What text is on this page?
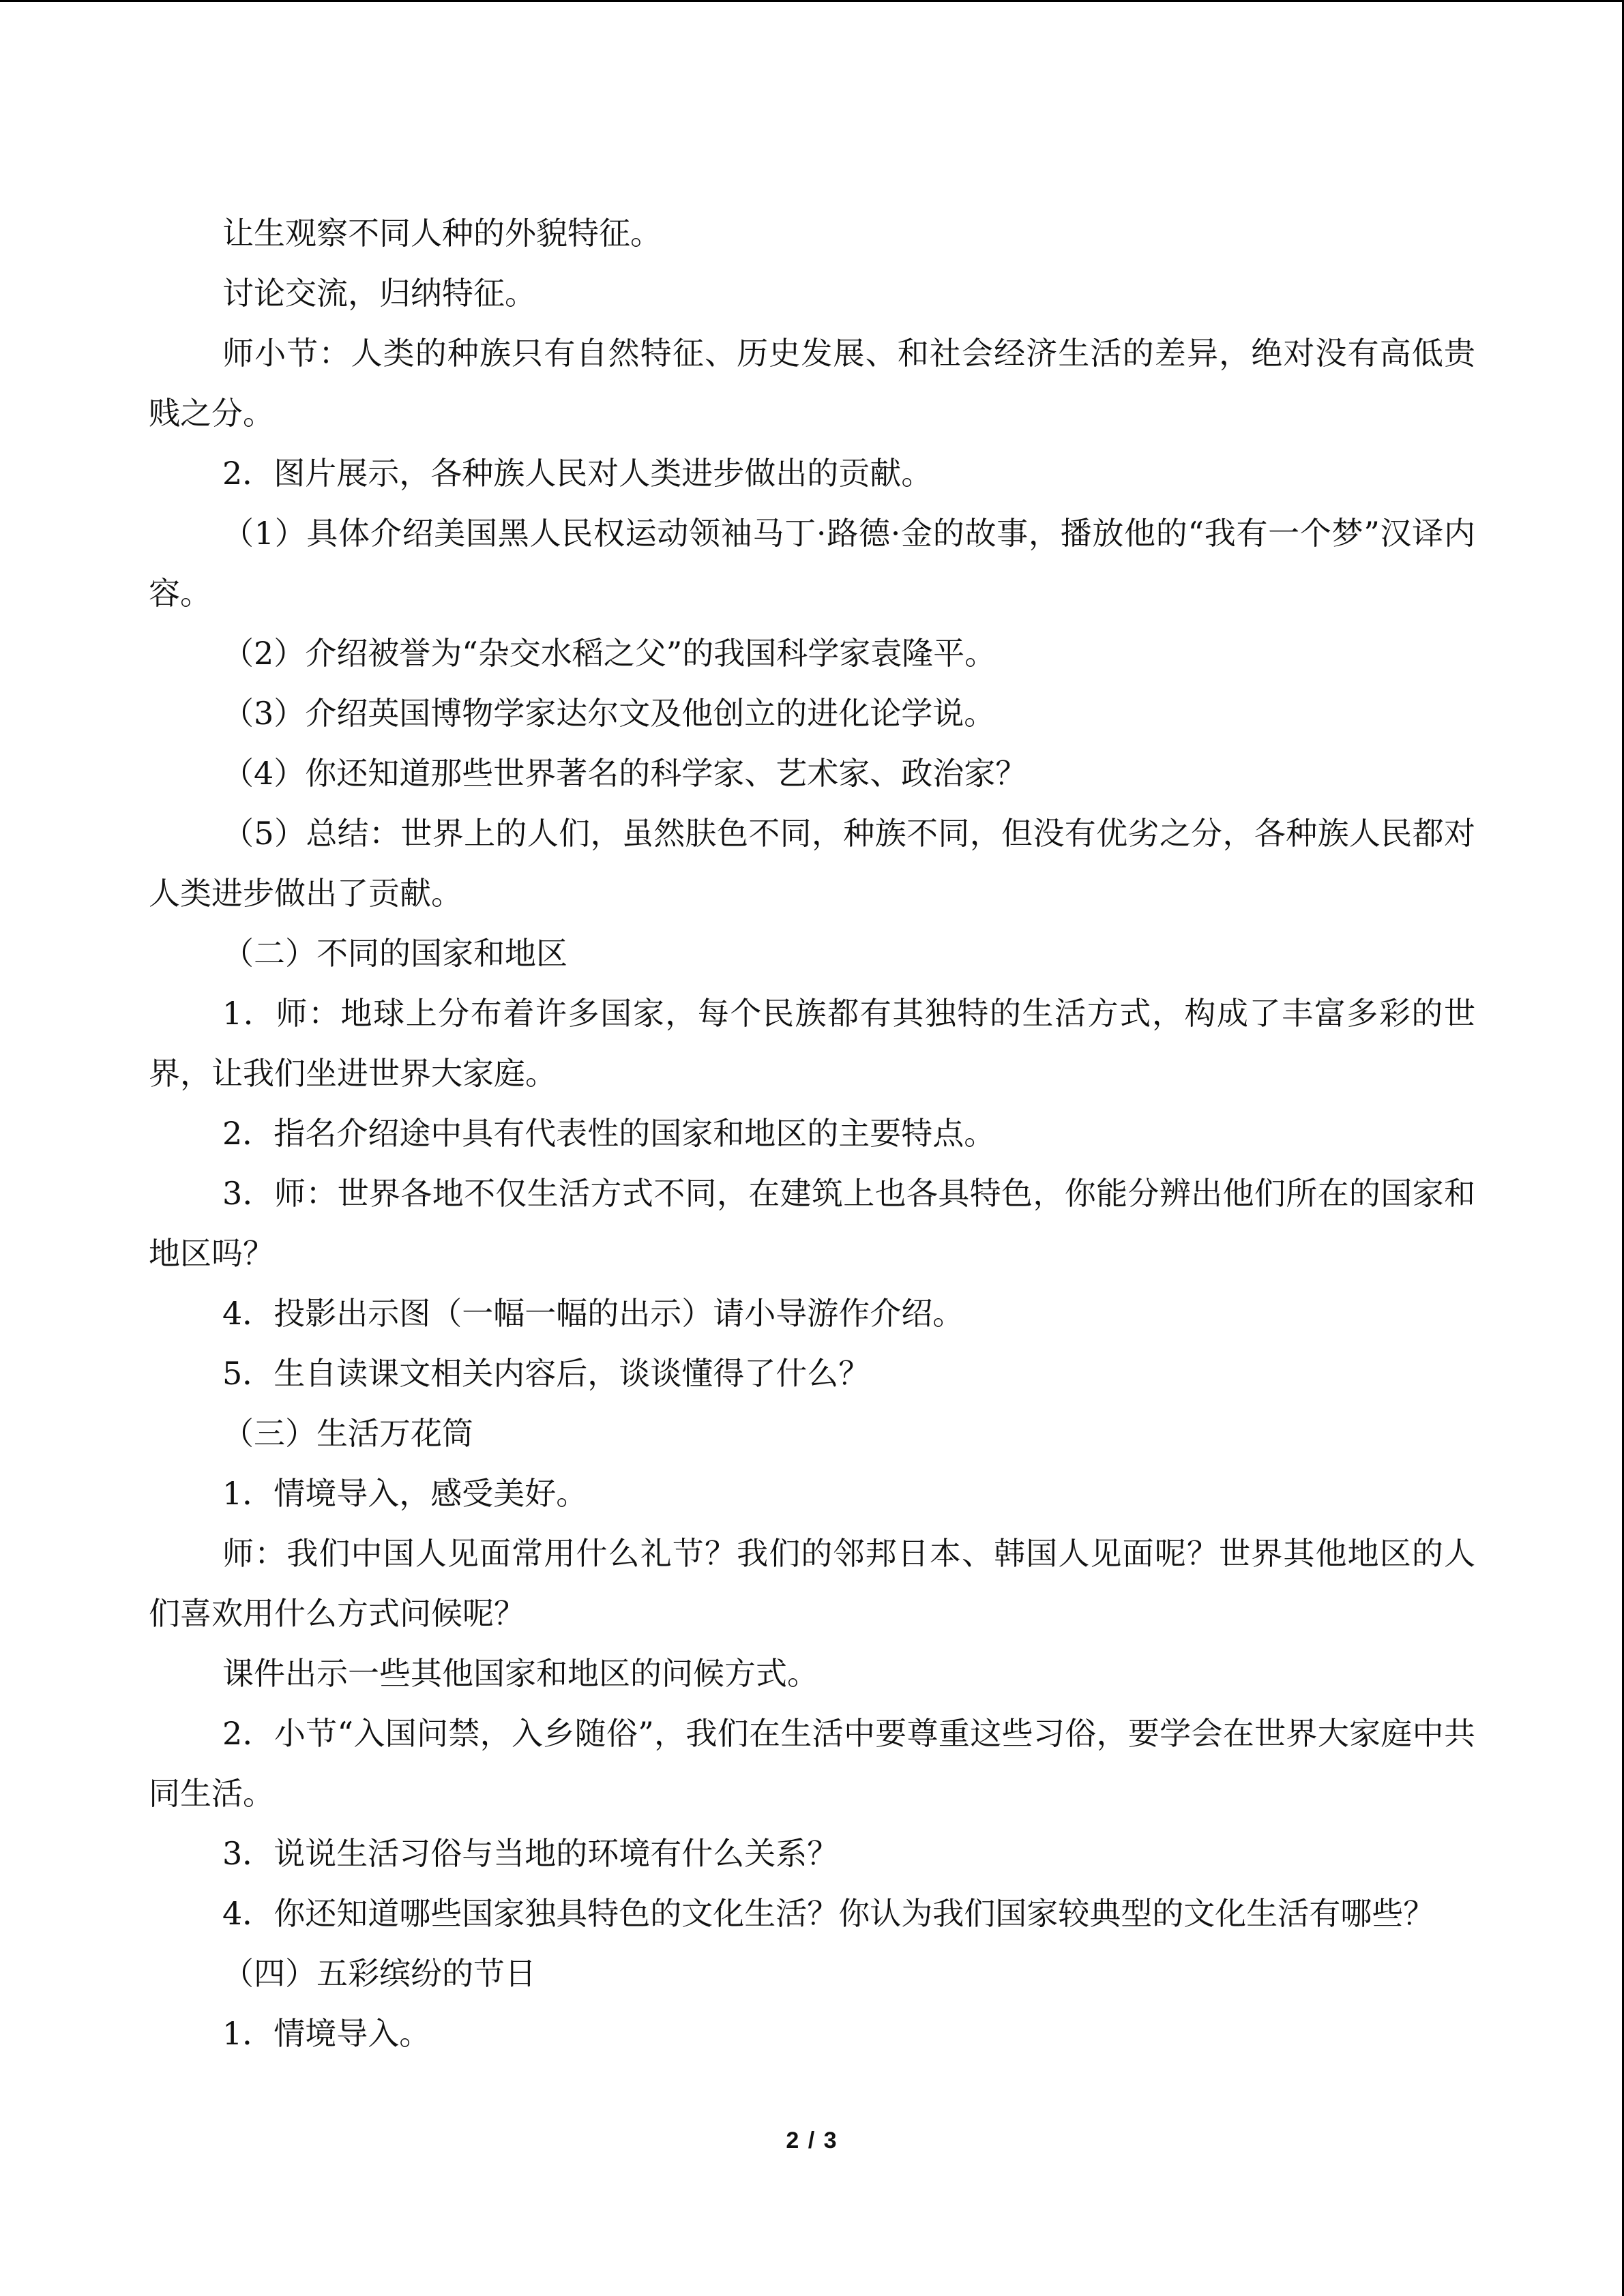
让生观察不同人种的外貌特征。

讨论交流，归纳特征。

师小节：人类的种族只有自然特征、历史发展、和社会经济生活的差异，绝对没有高低贵贱之分。

2．图片展示，各种族人民对人类进步做出的贡献。

（1）具体介绍美国黑人民权运动领袖马丁·路德·金的故事，播放他的“我有一个梦”汉译内容。

（2）介绍被誉为“杂交水稻之父”的我国科学家袁隆平。

（3）介绍英国博物学家达尔文及他创立的进化论学说。

（4）你还知道那些世界著名的科学家、艺术家、政治家？

（5）总结：世界上的人们，虽然肤色不同，种族不同，但没有优劣之分，各种族人民都对人类进步做出了贡献。

（二）不同的国家和地区

1．师：地球上分布着许多国家，每个民族都有其独特的生活方式，构成了丰富多彩的世界，让我们坐进世界大家庭。

2．指名介绍途中具有代表性的国家和地区的主要特点。

3．师：世界各地不仅生活方式不同，在建筑上也各具特色，你能分辨出他们所在的国家和地区吗？

4．投影出示图（一幅一幅的出示）请小导游作介绍。

5．生自读课文相关内容后，谈谈懂得了什么？

（三）生活万花筒

1．情境导入，感受美好。

师：我们中国人见面常用什么礼节？我们的邻邦日本、韩国人见面呢？世界其他地区的人们喜欢用什么方式问候呢？

课件出示一些其他国家和地区的问候方式。

2．小节“入国问禁，入乡随俗”，我们在生活中要尊重这些习俗，要学会在世界大家庭中共同生活。

3．说说生活习俗与当地的环境有什么关系？

4．你还知道哪些国家独具特色的文化生活？你认为我们国家较典型的文化生活有哪些？

（四）五彩缤纷的节日

1．情境导入。

2 / 3
